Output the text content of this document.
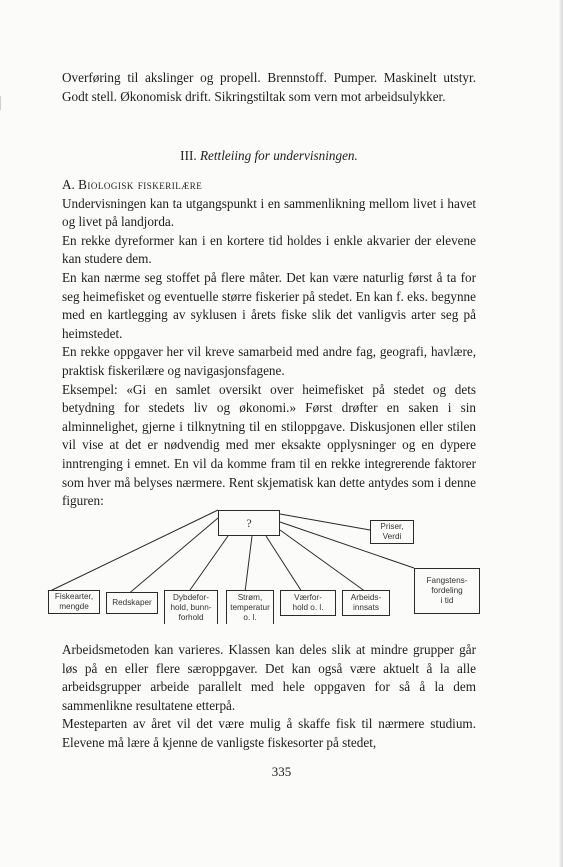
Overføring til akslinger og propell. Brennstoff. Pumper. Maskinelt utstyr. Godt stell. Økonomisk drift. Sikringstiltak som vern mot arbeidsulykker.

III. Rettleiing for undervisningen.

A. Biologisk fiskerilære

Undervisningen kan ta utgangspunkt i en sammenlikning mellom livet i havet og livet på landjorda.

En rekke dyreformer kan i en kortere tid holdes i enkle akvarier der elevene kan studere dem.

En kan nærme seg stoffet på flere måter. Det kan være naturlig først å ta for seg heimefisket og eventuelle større fiskerier på stedet. En kan f. eks. begynne med en kartlegging av syklusen i årets fiske slik det vanligvis arter seg på heimstedet.

En rekke oppgaver her vil kreve samarbeid med andre fag, geografi, havlære, praktisk fiskerilære og navigasjonsfagene.

Eksempel: «Gi en samlet oversikt over heimefisket på stedet og dets betydning for stedets liv og økonomi.» Først drøfter en saken i sin alminnelighet, gjerne i tilknytning til en stiloppgave. Diskusjonen eller stilen vil vise at det er nødvendig med mer eksakte opplysninger og en dypere inntrenging i emnet. En vil da komme fram til en rekke integrerende faktorer som hver må belyses nærmere. Rent skjematisk kan dette antydes som i denne figuren:

?	Priser,
Verdi
Fiskearter,
mengde	Redskaper
Dybdefor-
hold, bunn-
forhold
Strøm,
temperatur
o. l.
Værfor-
hold o. l.
Arbeids-
innsats
Fangstens-
fordeling
i tid

Arbeidsmetoden kan varieres. Klassen kan deles slik at mindre grupper går løs på en eller flere særoppgaver. Det kan også være aktuelt å la alle arbeidsgrupper arbeide parallelt med hele oppgaven for så å la dem sammenlikne resultatene etterpå.

Mesteparten av året vil det være mulig å skaffe fisk til nærmere studium. Elevene må lære å kjenne de vanligste fiskesorter på stedet,

335
